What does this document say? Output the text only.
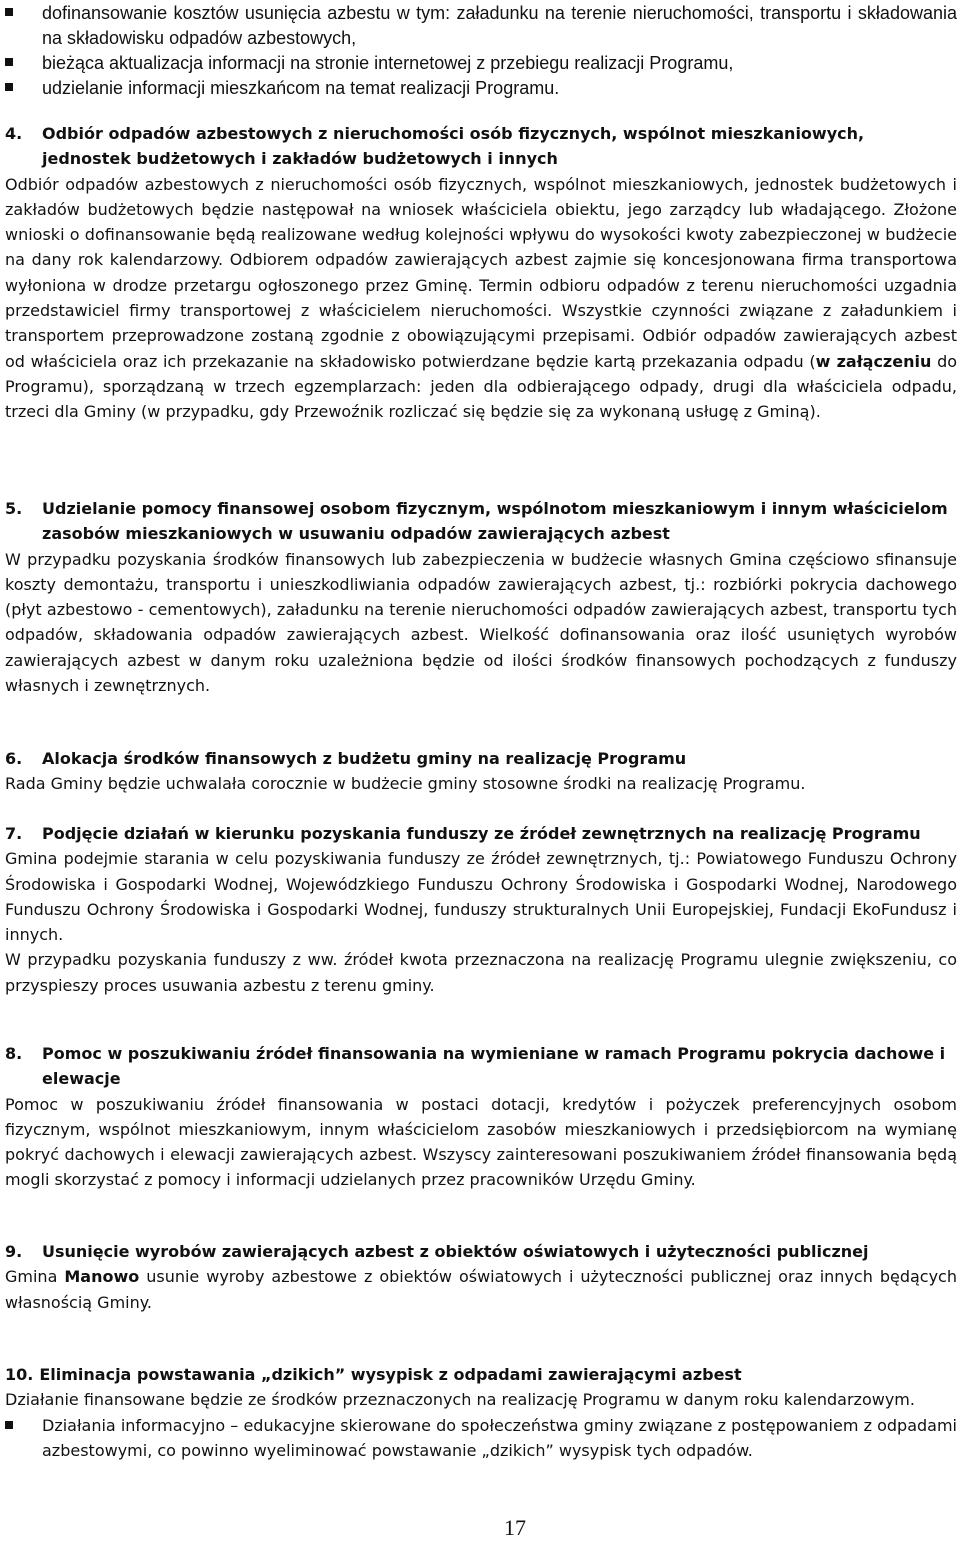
dofinansowanie kosztów usunięcia azbestu w tym: załadunku na terenie nieruchomości, transportu i składowania na składowisku odpadów azbestowych,
bieżąca aktualizacja informacji na stronie internetowej z przebiegu realizacji Programu,
udzielanie informacji mieszkańcom na temat realizacji Programu.

4. Odbiór odpadów azbestowych z nieruchomości osób fizycznych, wspólnot mieszkaniowych, jednostek budżetowych i zakładów budżetowych i innych

Odbiór odpadów azbestowych z nieruchomości osób fizycznych, wspólnot mieszkaniowych, jednostek budżetowych i zakładów budżetowych będzie następował na wniosek właściciela obiektu, jego zarządcy lub władającego. Złożone wnioski o dofinansowanie będą realizowane według kolejności wpływu do wysokości kwoty zabezpieczonej w budżecie na dany rok kalendarzowy. Odbiorem odpadów zawierających azbest zajmie się koncesjonowana firma transportowa wyłoniona w drodze przetargu ogłoszonego przez Gminę. Termin odbioru odpadów z terenu nieruchomości uzgadnia przedstawiciel firmy transportowej z właścicielem nieruchomości. Wszystkie czynności związane z załadunkiem i transportem przeprowadzone zostaną zgodnie z obowiązującymi przepisami. Odbiór odpadów zawierających azbest od właściciela oraz ich przekazanie na składowisko potwierdzane będzie kartą przekazania odpadu (w załączeniu do Programu), sporządzaną w trzech egzemplarzach: jeden dla odbierającego odpady, drugi dla właściciela odpadu, trzeci dla Gminy (w przypadku, gdy Przewoźnik rozliczać się będzie się za wykonaną usługę z Gminą).

5. Udzielanie pomocy finansowej osobom fizycznym, wspólnotom mieszkaniowym i innym właścicielom zasobów mieszkaniowych w usuwaniu odpadów zawierających azbest

W przypadku pozyskania środków finansowych lub zabezpieczenia w budżecie własnych Gmina częściowo sfinansuje koszty demontażu, transportu i unieszkodliwiania odpadów zawierających azbest, tj.: rozbiórki pokrycia dachowego (płyt azbestowo - cementowych), załadunku na terenie nieruchomości odpadów zawierających azbest, transportu tych odpadów, składowania odpadów zawierających azbest. Wielkość dofinansowania oraz ilość usuniętych wyrobów zawierających azbest w danym roku uzależniona będzie od ilości środków finansowych pochodzących z funduszy własnych i zewnętrznych.

6. Alokacja środków finansowych z budżetu gminy na realizację Programu

Rada Gminy będzie uchwalała corocznie w budżecie gminy stosowne środki na realizację Programu.

7. Podjęcie działań w kierunku pozyskania funduszy ze źródeł zewnętrznych na realizację Programu

Gmina podejmie starania w celu pozyskiwania funduszy ze źródeł zewnętrznych, tj.: Powiatowego Funduszu Ochrony Środowiska i Gospodarki Wodnej, Wojewódzkiego Funduszu Ochrony Środowiska i Gospodarki Wodnej, Narodowego Funduszu Ochrony Środowiska i Gospodarki Wodnej, funduszy strukturalnych Unii Europejskiej, Fundacji EkoFundusz i innych.

W przypadku pozyskania funduszy z ww. źródeł kwota przeznaczona na realizację Programu ulegnie zwiększeniu, co przyspieszy proces usuwania azbestu z terenu gminy.

8. Pomoc w poszukiwaniu źródeł finansowania na wymieniane w ramach Programu pokrycia dachowe i elewacje

Pomoc w poszukiwaniu źródeł finansowania w postaci dotacji, kredytów i pożyczek preferencyjnych osobom fizycznym, wspólnot mieszkaniowym, innym właścicielom zasobów mieszkaniowych i przedsiębiorcom na wymianę pokryć dachowych i elewacji zawierających azbest. Wszyscy zainteresowani poszukiwaniem źródeł finansowania będą mogli skorzystać z pomocy i informacji udzielanych przez pracowników Urzędu Gminy.

9. Usunięcie wyrobów zawierających azbest z obiektów oświatowych i użyteczności publicznej

Gmina Manowo usunie wyroby azbestowe z obiektów oświatowych i użyteczności publicznej oraz innych będących własnością Gminy.

10. Eliminacja powstawania „dzikich” wysypisk z odpadami zawierającymi azbest

Działanie finansowane będzie ze środków przeznaczonych na realizację Programu w danym roku kalendarzowym.

Działania informacyjno – edukacyjne skierowane do społeczeństwa gminy związane z postępowaniem z odpadami azbestowymi, co powinno wyeliminować powstawanie „dzikich” wysypisk tych odpadów.
17
